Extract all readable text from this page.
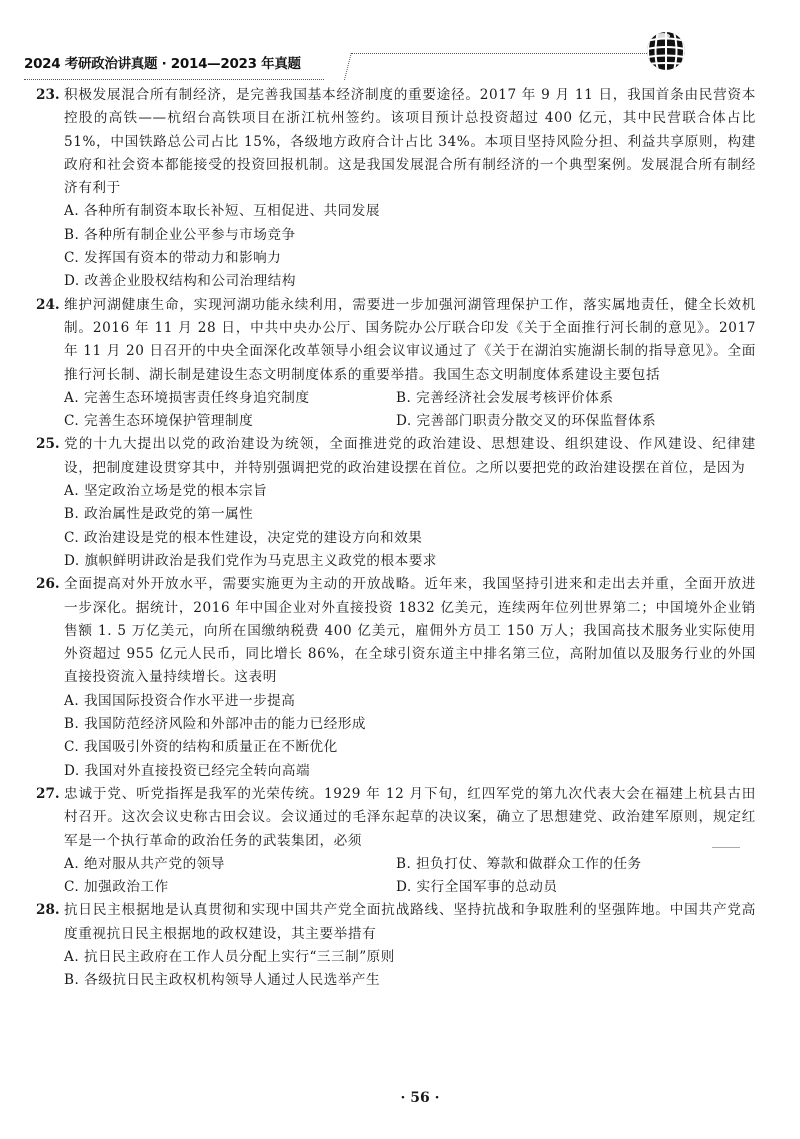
2024 考研政治讲真题 · 2014—2023 年真题
23. 积极发展混合所有制经济，是完善我国基本经济制度的重要途径。2017 年 9 月 11 日，我国首条由民营资本控股的高铁——杭绍台高铁项目在浙江杭州签约。该项目预计总投资超过 400 亿元，其中民营联合体占比 51%，中国铁路总公司占比 15%，各级地方政府合计占比 34%。本项目坚持风险分担、利益共享原则，构建政府和社会资本都能接受的投资回报机制。这是我国发展混合所有制经济的一个典型案例。发展混合所有制经济有利于
A. 各种所有制资本取长补短、互相促进、共同发展
B. 各种所有制企业公平参与市场竞争
C. 发挥国有资本的带动力和影响力
D. 改善企业股权结构和公司治理结构
24. 维护河湖健康生命，实现河湖功能永续利用，需要进一步加强河湖管理保护工作，落实属地责任，健全长效机制。2016 年 11 月 28 日，中共中央办公厅、国务院办公厅联合印发《关于全面推行河长制的意见》。2017 年 11 月 20 日召开的中央全面深化改革领导小组会议审议通过了《关于在湖泊实施湖长制的指导意见》。全面推行河长制、湖长制是建设生态文明制度体系的重要举措。我国生态文明制度体系建设主要包括
A. 完善生态环境损害责任终身追究制度	B. 完善经济社会发展考核评价体系
C. 完善生态环境保护管理制度	D. 完善部门职责分散交叉的环保监督体系
25. 党的十九大提出以党的政治建设为统领，全面推进党的政治建设、思想建设、组织建设、作风建设、纪律建设，把制度建设贯穿其中，并特别强调把党的政治建设摆在首位。之所以要把党的政治建设摆在首位，是因为
A. 坚定政治立场是党的根本宗旨
B. 政治属性是政党的第一属性
C. 政治建设是党的根本性建设，决定党的建设方向和效果
D. 旗帜鲜明讲政治是我们党作为马克思主义政党的根本要求
26. 全面提高对外开放水平，需要实施更为主动的开放战略。近年来，我国坚持引进来和走出去并重，全面开放进一步深化。据统计，2016 年中国企业对外直接投资 1832 亿美元，连续两年位列世界第二；中国境外企业销售额 1. 5 万亿美元，向所在国缴纳税费 400 亿美元，雇佣外方员工 150 万人；我国高技术服务业实际使用外资超过 955 亿元人民币，同比增长 86%，在全球引资东道主中排名第三位，高附加值以及服务行业的外国直接投资流入量持续增长。这表明
A. 我国国际投资合作水平进一步提高
B. 我国防范经济风险和外部冲击的能力已经形成
C. 我国吸引外资的结构和质量正在不断优化
D. 我国对外直接投资已经完全转向高端
27. 忠诚于党、听党指挥是我军的光荣传统。1929 年 12 月下旬，红四军党的第九次代表大会在福建上杭县古田村召开。这次会议史称古田会议。会议通过的毛泽东起草的决议案，确立了思想建党、政治建军原则，规定红军是一个执行革命的政治任务的武装集团，必须
A. 绝对服从共产党的领导	B. 担负打仗、筹款和做群众工作的任务
C. 加强政治工作	D. 实行全国军事的总动员
28. 抗日民主根据地是认真贯彻和实现中国共产党全面抗战路线、坚持抗战和争取胜利的坚强阵地。中国共产党高度重视抗日民主根据地的政权建设，其主要举措有
A. 抗日民主政府在工作人员分配上实行“三三制”原则
B. 各级抗日民主政权机构领导人通过人民选举产生
· 56 ·
